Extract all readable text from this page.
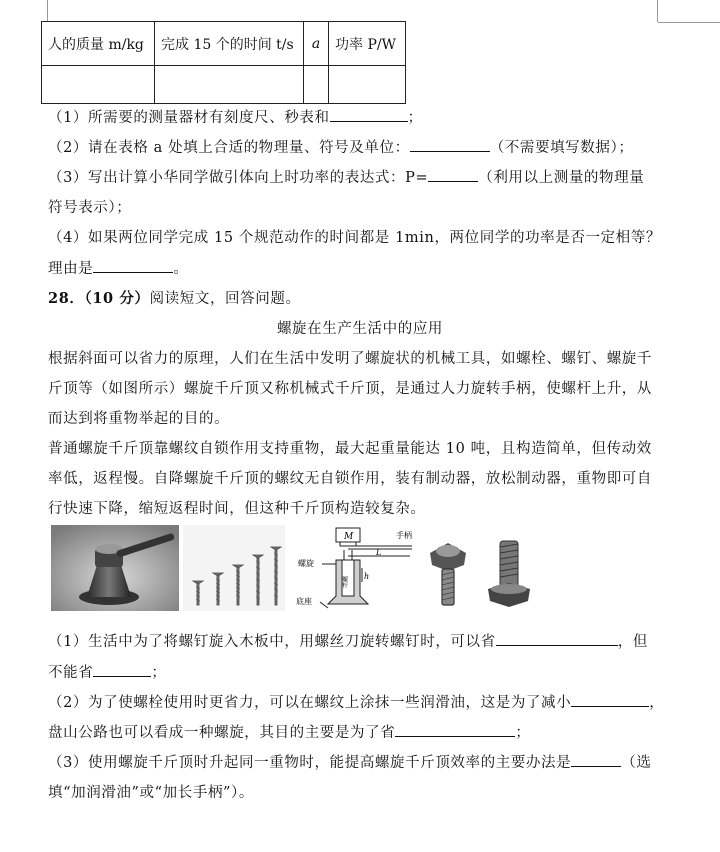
人的质量 m/kg	完成 15 个的时间 t/s	a	功率 P/W

（1）所需要的测量器材有刻度尺、秒表和	；
（2）请在表格 a 处填上合适的物理量、符号及单位：	（不需要填写数据）；
（3）写出计算小华同学做引体向上时功率的表达式：P=	（利用以上测量的物理量
符号表示）；
（4）如果两位同学完成 15 个规范动作的时间都是 1min，两位同学的功率是否一定相等？
理由是	。
28．（10 分）阅读短文，回答问题。
螺旋在生产生活中的应用
根据斜面可以省力的原理，人们在生活中发明了螺旋状的机械工具，如螺栓、螺钉、螺旋千
斤顶等（如图所示）螺旋千斤顶又称机械式千斤顶，是通过人力旋转手柄，使螺杆上升，从
而达到将重物举起的目的。
普通螺旋千斤顶靠螺纹自锁作用支持重物，最大起重量能达 10 吨，且构造简单，但传动效
率低，返程慢。自降螺旋千斤顶的螺纹无自锁作用，装有制动器，放松制动器，重物即可自
行快速下降，缩短返程时间，但这种千斤顶构造较复杂。
M	手柄
L
螺旋
螺杆 h
底座
（1）生活中为了将螺钉旋入木板中，用螺丝刀旋转螺钉时，可以省	，但
不能省	；
（2）为了使螺栓使用时更省力，可以在螺纹上涂抹一些润滑油，这是为了减小	，
盘山公路也可以看成一种螺旋，其目的主要是为了省	；
（3）使用螺旋千斤顶时升起同一重物时，能提高螺旋千斤顶效率的主要办法是	（选
填“加润滑油”或“加长手柄”）。
